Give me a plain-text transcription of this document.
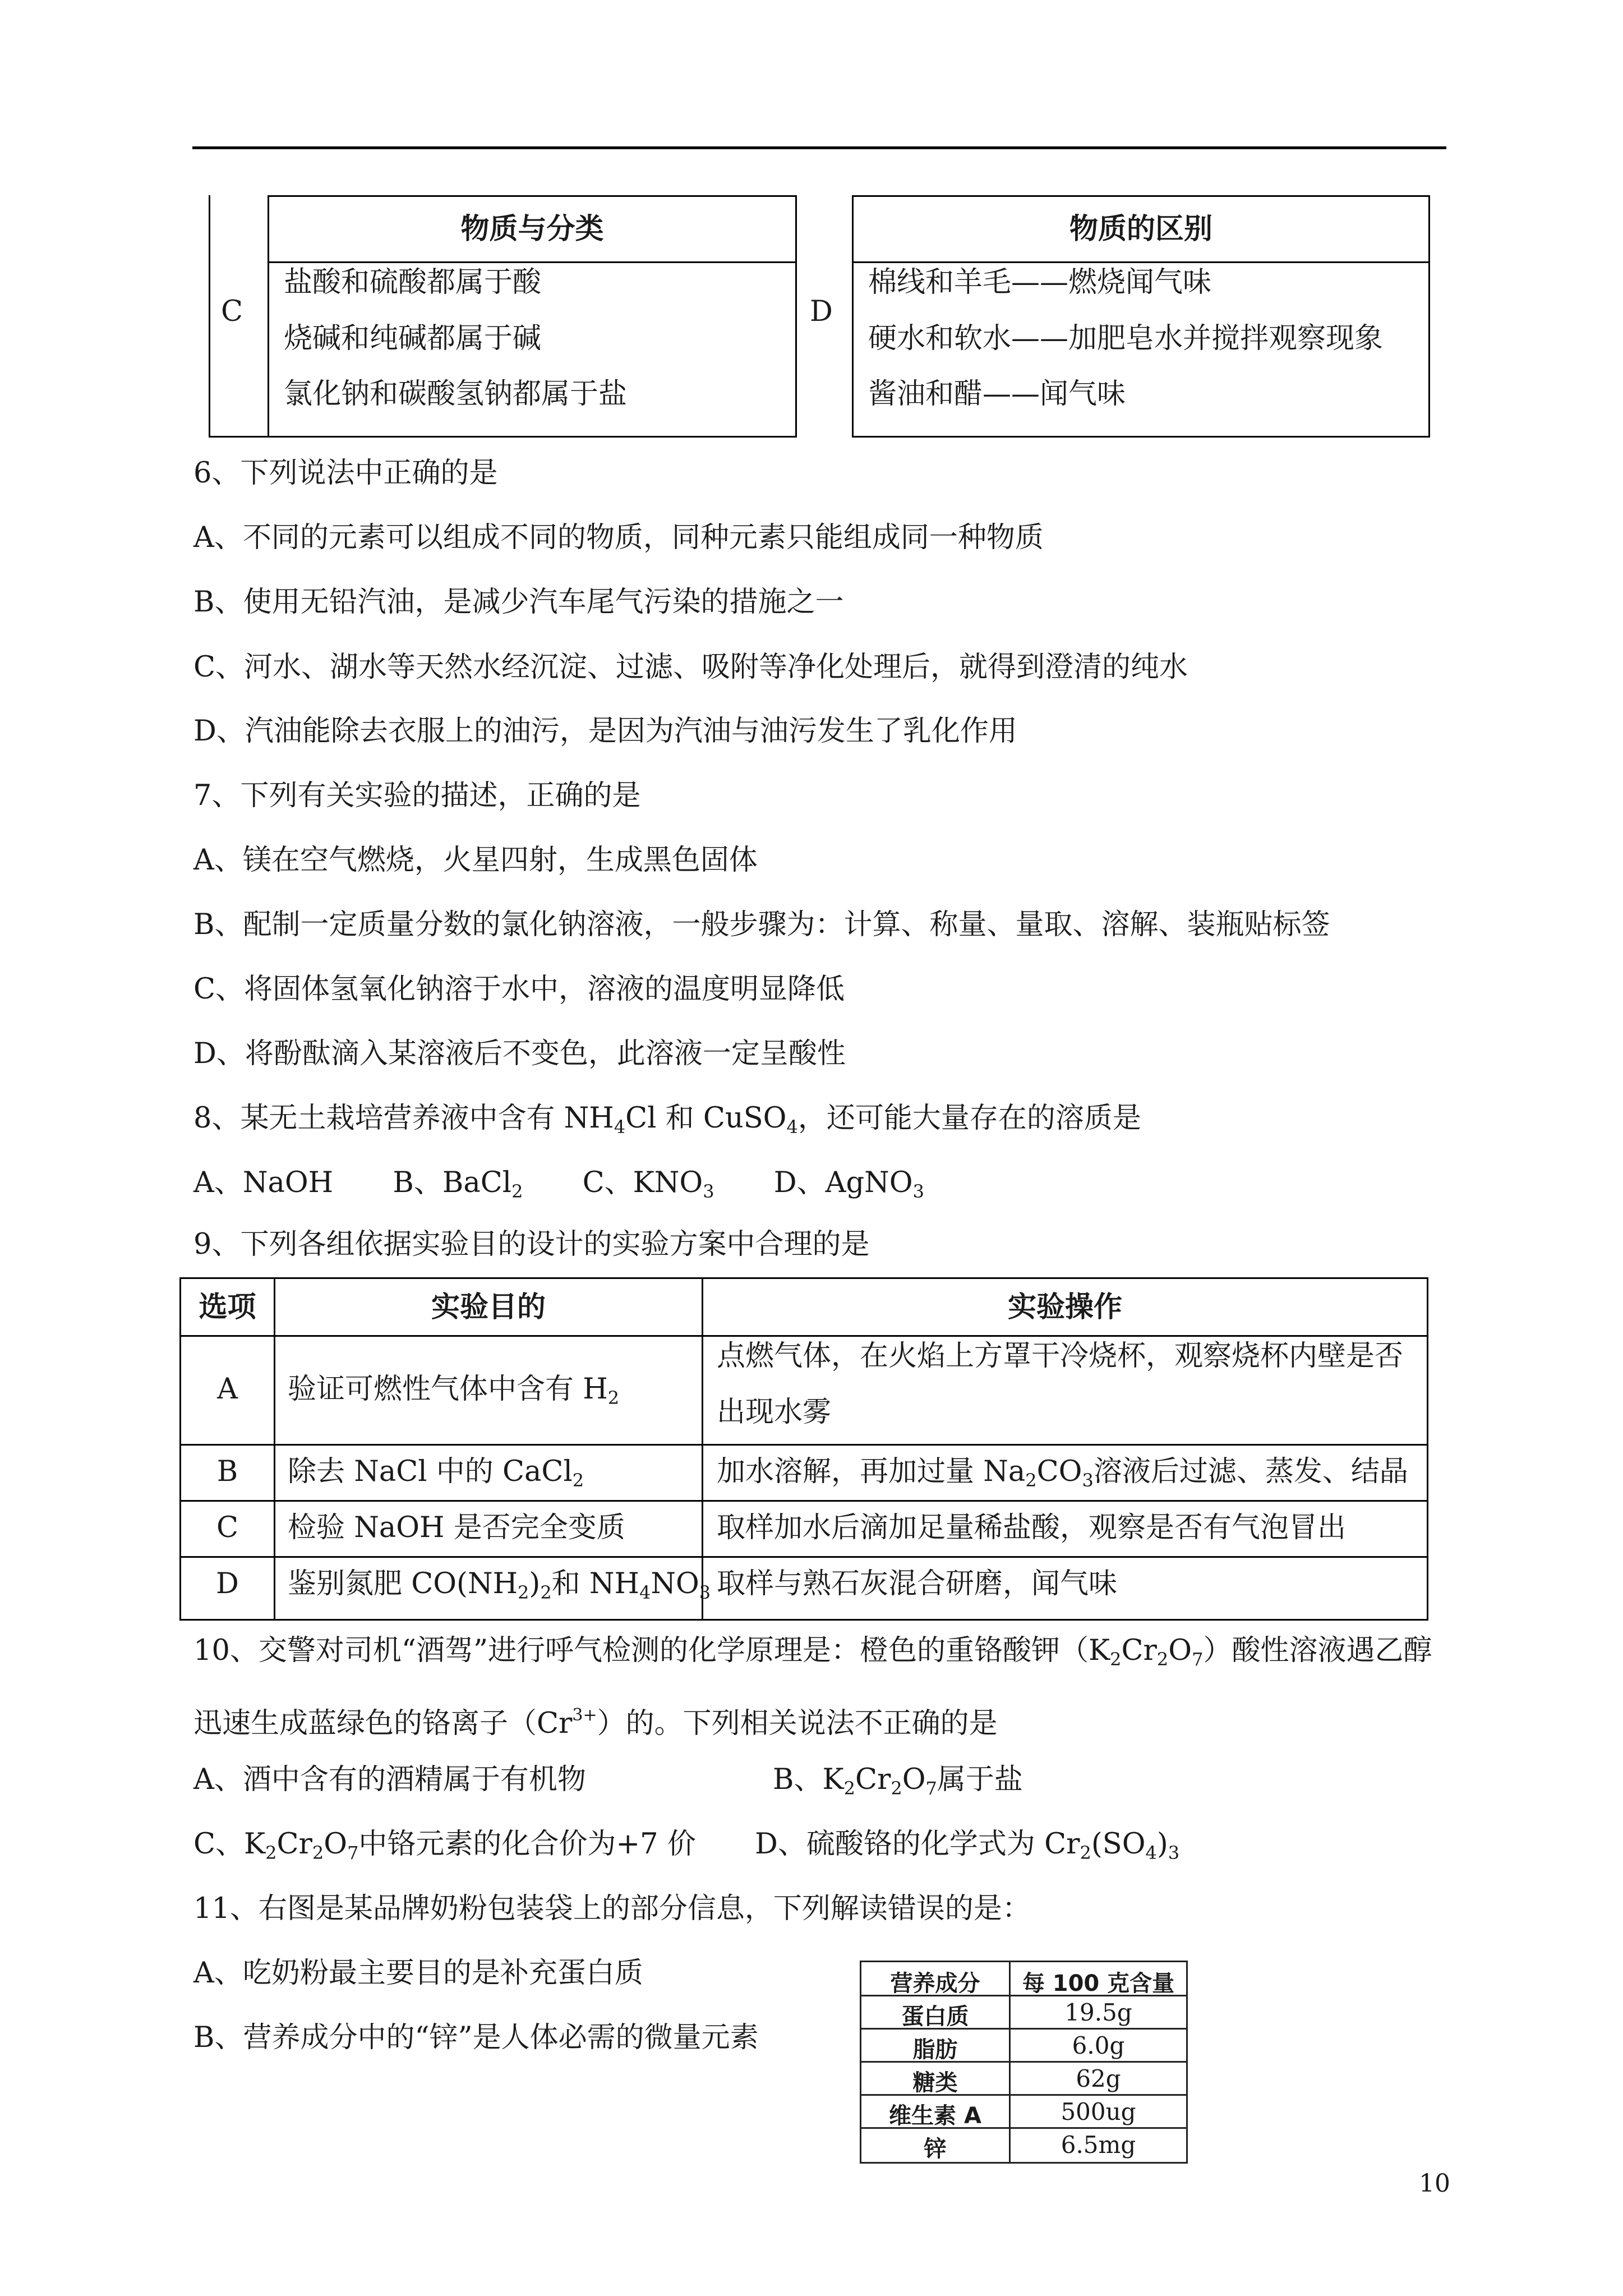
C
物质与分类
盐酸和硫酸都属于酸
烧碱和纯碱都属于碱
氯化钠和碳酸氢钠都属于盐
D
物质的区别
棉线和羊毛——燃烧闻气味
硬水和软水——加肥皂水并搅拌观察现象
酱油和醋——闻气味
6、下列说法中正确的是
A、不同的元素可以组成不同的物质，同种元素只能组成同一种物质
B、使用无铅汽油，是减少汽车尾气污染的措施之一
C、河水、湖水等天然水经沉淀、过滤、吸附等净化处理后，就得到澄清的纯水
D、汽油能除去衣服上的油污，是因为汽油与油污发生了乳化作用
7、下列有关实验的描述，正确的是
A、镁在空气燃烧，火星四射，生成黑色固体
B、配制一定质量分数的氯化钠溶液，一般步骤为：计算、称量、量取、溶解、装瓶贴标签
C、将固体氢氧化钠溶于水中，溶液的温度明显降低
D、将酚酞滴入某溶液后不变色，此溶液一定呈酸性
8、某无土栽培营养液中含有 $NH_4Cl$ 和 CuSO$_4$，还可能大量存在的溶质是
A、NaOH B、BaCl$_2$ C、$KNO_3$ D、AgNO$_3$
9、下列各组依据实验目的设计的实验方案中合理的是
选项	实验目的	实验操作
A	验证可燃性气体中含有 $H_2$
点燃气体，在火焰上方罩干冷烧杯，观察烧杯内壁是否
出现水雾
B	除去 NaCl 中的 CaCl$_2$	加水溶解，再加过量 $Na_2CO_3$溶液后过滤、蒸发、结晶
C	检验 NaOH 是否完全变质	取样加水后滴加足量稀盐酸，观察是否有气泡冒出
D	鉴别氮肥 $CO(NH_2)_2$和 $NH_4NO_3$ 取样与熟石灰混合研磨，闻气味
10、交警对司机“酒驾”进行呼气检测的化学原理是：橙色的重铬酸钾$(K_2Cr_2O_7)$酸性溶液遇乙醇
迅速生成蓝绿色的铬离子$(Cr^{3+})$的。下列相关说法不正确的是
A、酒中含有的酒精属于有机物	B、$K_2Cr_2O_7$属于盐
C、$K_2Cr_2O_7$中铬元素的化合价为+7 价 D、硫酸铬的化学式为 $Cr_2(SO_4)_3$
11、右图是某品牌奶粉包装袋上的部分信息，下列解读错误的是：
A、吃奶粉最主要目的是补充蛋白质
B、营养成分中的“锌”是人体必需的微量元素
营养成分	每 100 克含量
蛋白质	19.5g
脂肪	6.0g
糖类	62g
维生素 A	500ug
锌	6.5mg
10
